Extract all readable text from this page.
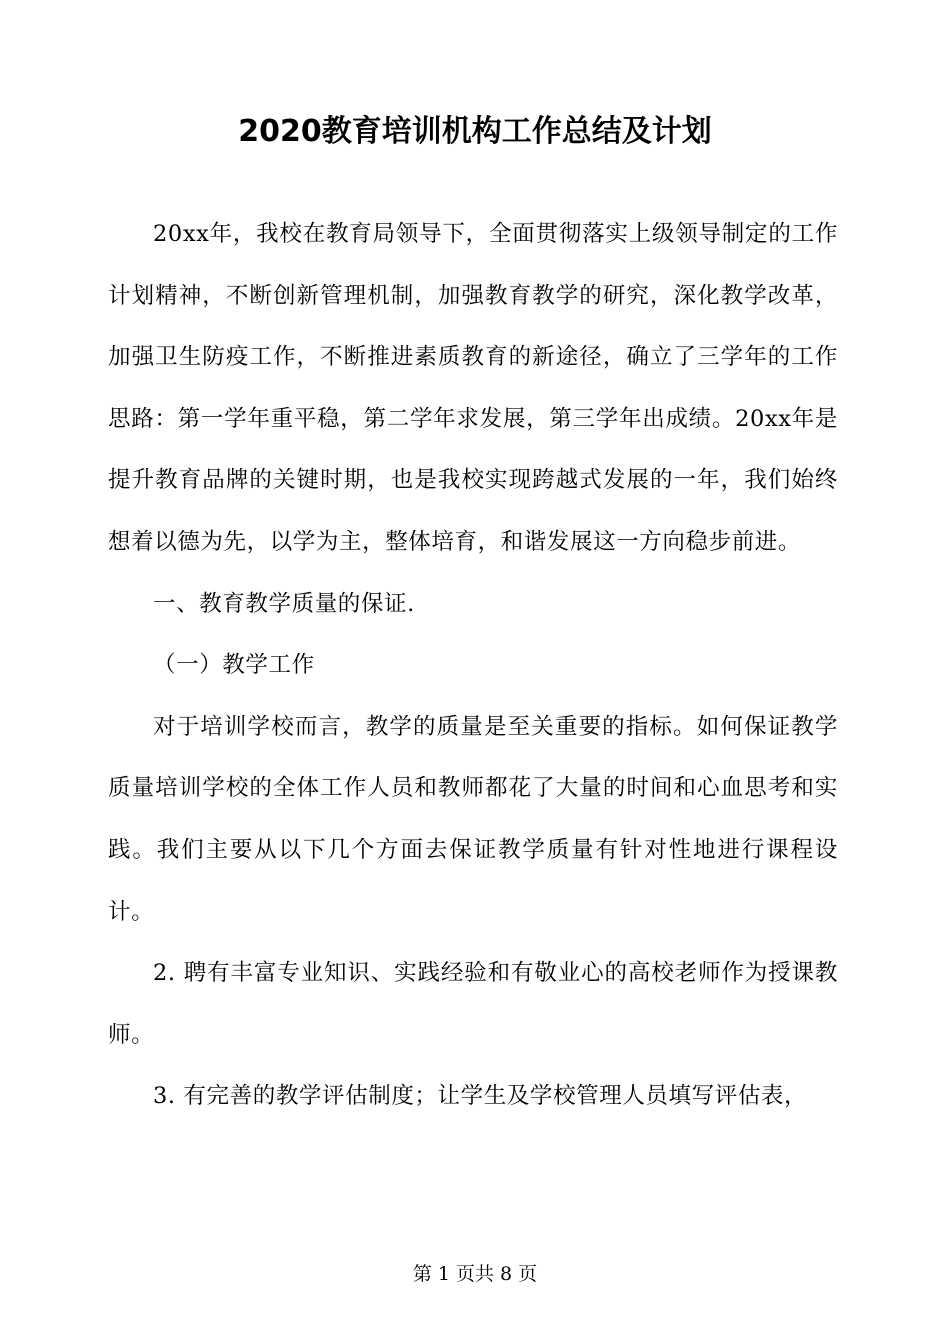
2020教育培训机构工作总结及计划

20xx年，我校在教育局领导下，全面贯彻落实上级领导制定的工作计划精神，不断创新管理机制，加强教育教学的研究，深化教学改革，加强卫生防疫工作，不断推进素质教育的新途径，确立了三学年的工作思路：第一学年重平稳，第二学年求发展，第三学年出成绩。20xx年是提升教育品牌的关键时期，也是我校实现跨越式发展的一年，我们始终想着以德为先，以学为主，整体培育，和谐发展这一方向稳步前进。

一、教育教学质量的保证.

（一）教学工作

对于培训学校而言，教学的质量是至关重要的指标。如何保证教学质量培训学校的全体工作人员和教师都花了大量的时间和心血思考和实践。我们主要从以下几个方面去保证教学质量有针对性地进行课程设计。

2. 聘有丰富专业知识、实践经验和有敬业心的高校老师作为授课教师。

3. 有完善的教学评估制度；让学生及学校管理人员填写评估表，

第 1 页共 8 页
